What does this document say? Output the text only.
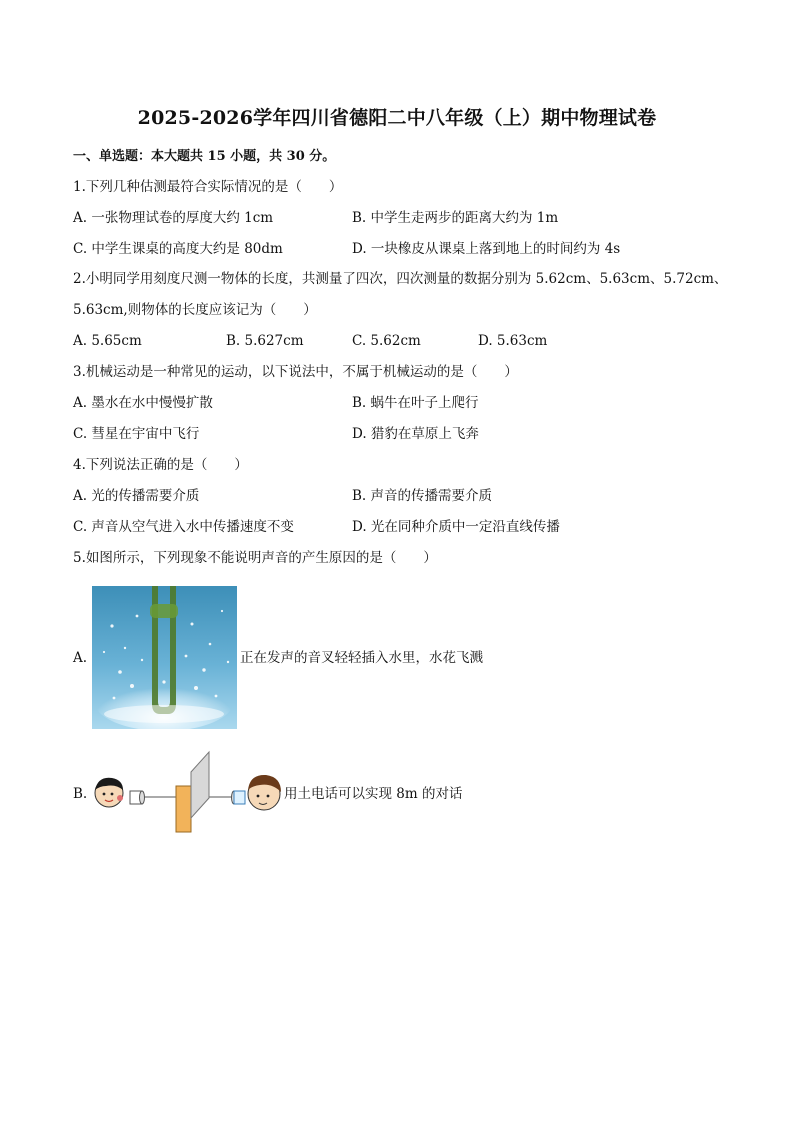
2025-2026学年四川省德阳二中八年级（上）期中物理试卷
一、单选题：本大题共 15 小题，共 30 分。
1.下列几种估测最符合实际情况的是（　　）
A. 一张物理试卷的厚度大约 1cm	B. 中学生走两步的距离大约为 1m
C. 中学生课桌的高度大约是 80dm	D. 一块橡皮从课桌上落到地上的时间约为 4s
2.小明同学用刻度尺测一物体的长度，共测量了四次，四次测量的数据分别为 5.62cm、5.63cm、5.72cm、
5.63cm,则物体的长度应该记为（　　）
A. 5.65cm	B. 5.627cm	C. 5.62cm	D. 5.63cm
3.机械运动是一种常见的运动，以下说法中，不属于机械运动的是（　　）
A. 墨水在水中慢慢扩散	B. 蜗牛在叶子上爬行
C. 彗星在宇宙中飞行	D. 猎豹在草原上飞奔
4.下列说法正确的是（　　）
A. 光的传播需要介质	B. 声音的传播需要介质
C. 声音从空气进入水中传播速度不变	D. 光在同种介质中一定沿直线传播
5.如图所示，下列现象不能说明声音的产生原因的是（　　）
A.	正在发声的音叉轻轻插入水里，水花飞溅
B.	用土电话可以实现 8m 的对话
